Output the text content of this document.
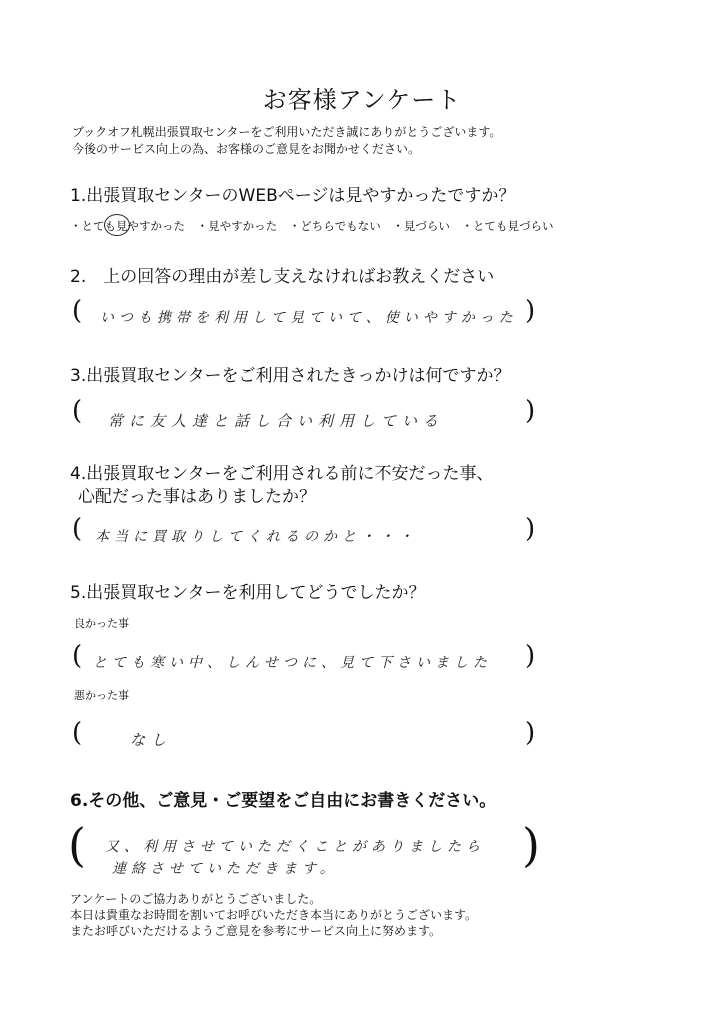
お客様アンケート
ブックオフ札幌出張買取センターをご利用いただき誠にありがとうございます。
今後のサービス向上の為、お客様のご意見をお聞かせください。
1.出張買取センターのWEBページは見やすかったですか？
・とても見やすかった ・見やすかった ・どちらでもない ・見づらい ・とても見づらい
2.　上の回答の理由が差し支えなければお教えください
( いつも携帯を利用して見ていて、使いやすかった )
3.出張買取センターをご利用されたきっかけは何ですか？
( 常に友人達と話し合い利用している	)
4.出張買取センターをご利用される前に不安だった事、
心配だった事はありましたか？
( 本当に買取りしてくれるのかと・・・	)
5.出張買取センターを利用してどうでしたか？
良かった事
( とても寒い中、しんせつに、見て下さいました )
悪かった事
(	なし	)
6.その他、ご意見・ご要望をご自由にお書きください。
( 又、利用させていただくことがありましたら
連絡させていただきます。	)
アンケートのご協力ありがとうございました。
本日は貴重なお時間を割いてお呼びいただき本当にありがとうございます。
またお呼びいただけるようご意見を参考にサービス向上に努めます。
